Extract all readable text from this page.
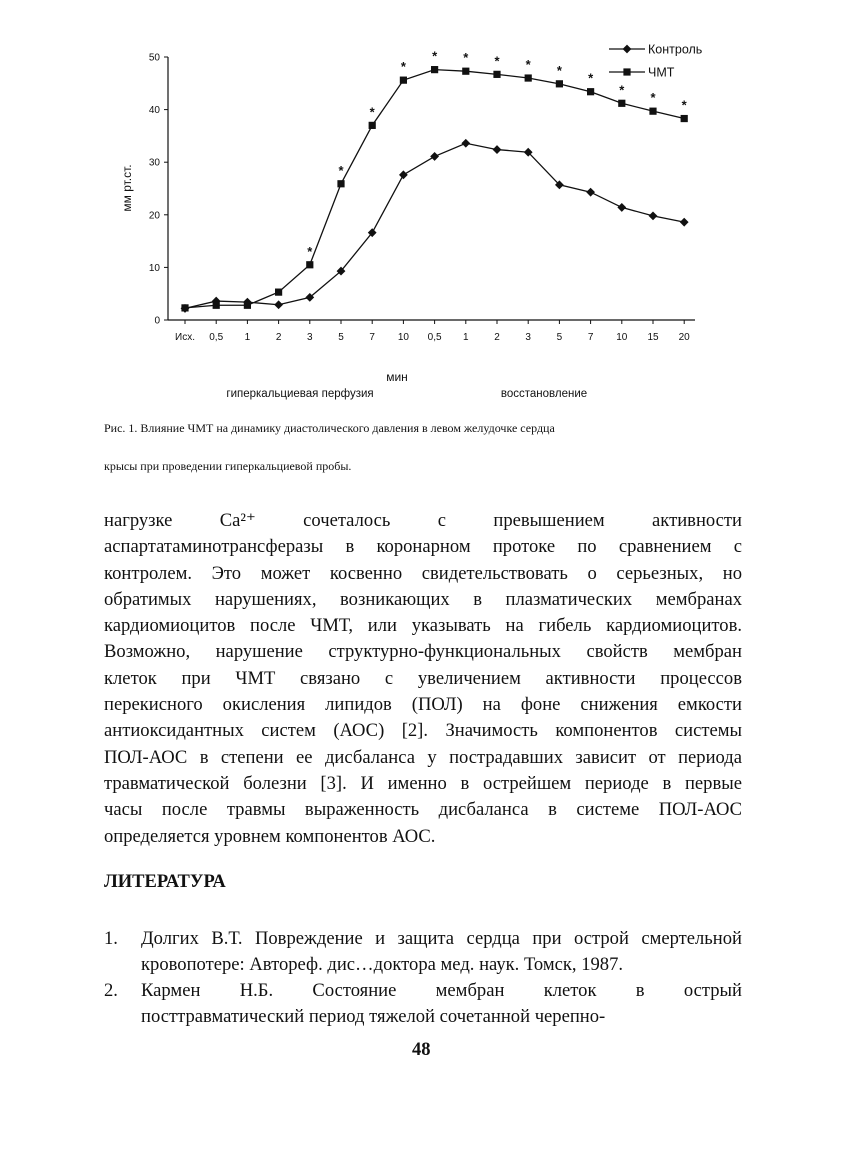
0
10
20
30
40
50
Исх. 0,5 1	2	3	5	7 10 0,5 1	2	3	5	7 10 15 20
*
*
*
*
* * * * *
*
*
* *
Контроль
ЧМТ
мм рт.ст.
мин
гиперкальциевая перфузия	восстановление

Рис. 1. Влияние ЧМТ на динамику диастолического давления в левом желудочке сердца

крысы при проведении гиперкальциевой пробы.

нагрузке Ca²⁺ сочеталось с превышением активности
аспартатаминотрансферазы в коронарном протоке по сравнением с
контролем. Это может косвенно свидетельствовать о серьезных, но
обратимых нарушениях, возникающих в плазматических мембранах
кардиомиоцитов после ЧМТ, или указывать на гибель кардиомиоцитов.
Возможно, нарушение структурно-функциональных свойств мембран
клеток при ЧМТ связано с увеличением активности процессов
перекисного окисления липидов (ПОЛ) на фоне снижения емкости
антиоксидантных систем (АОС) [2]. Значимость компонентов системы
ПОЛ-АОС в степени ее дисбаланса у пострадавших зависит от периода
травматической болезни [3]. И именно в острейшем периоде в первые
часы после травмы выраженность дисбаланса в системе ПОЛ-АОС
определяется уровнем компонентов АОС.
ЛИТЕРАТУРА
1. Долгих В.Т. Повреждение и защита сердца при острой смертельной
кровопотере: Автореф. дис…доктора мед. наук. Томск, 1987.
2. Кармен Н.Б. Состояние мембран клеток в острый
посттравматический период тяжелой сочетанной черепно-
48
